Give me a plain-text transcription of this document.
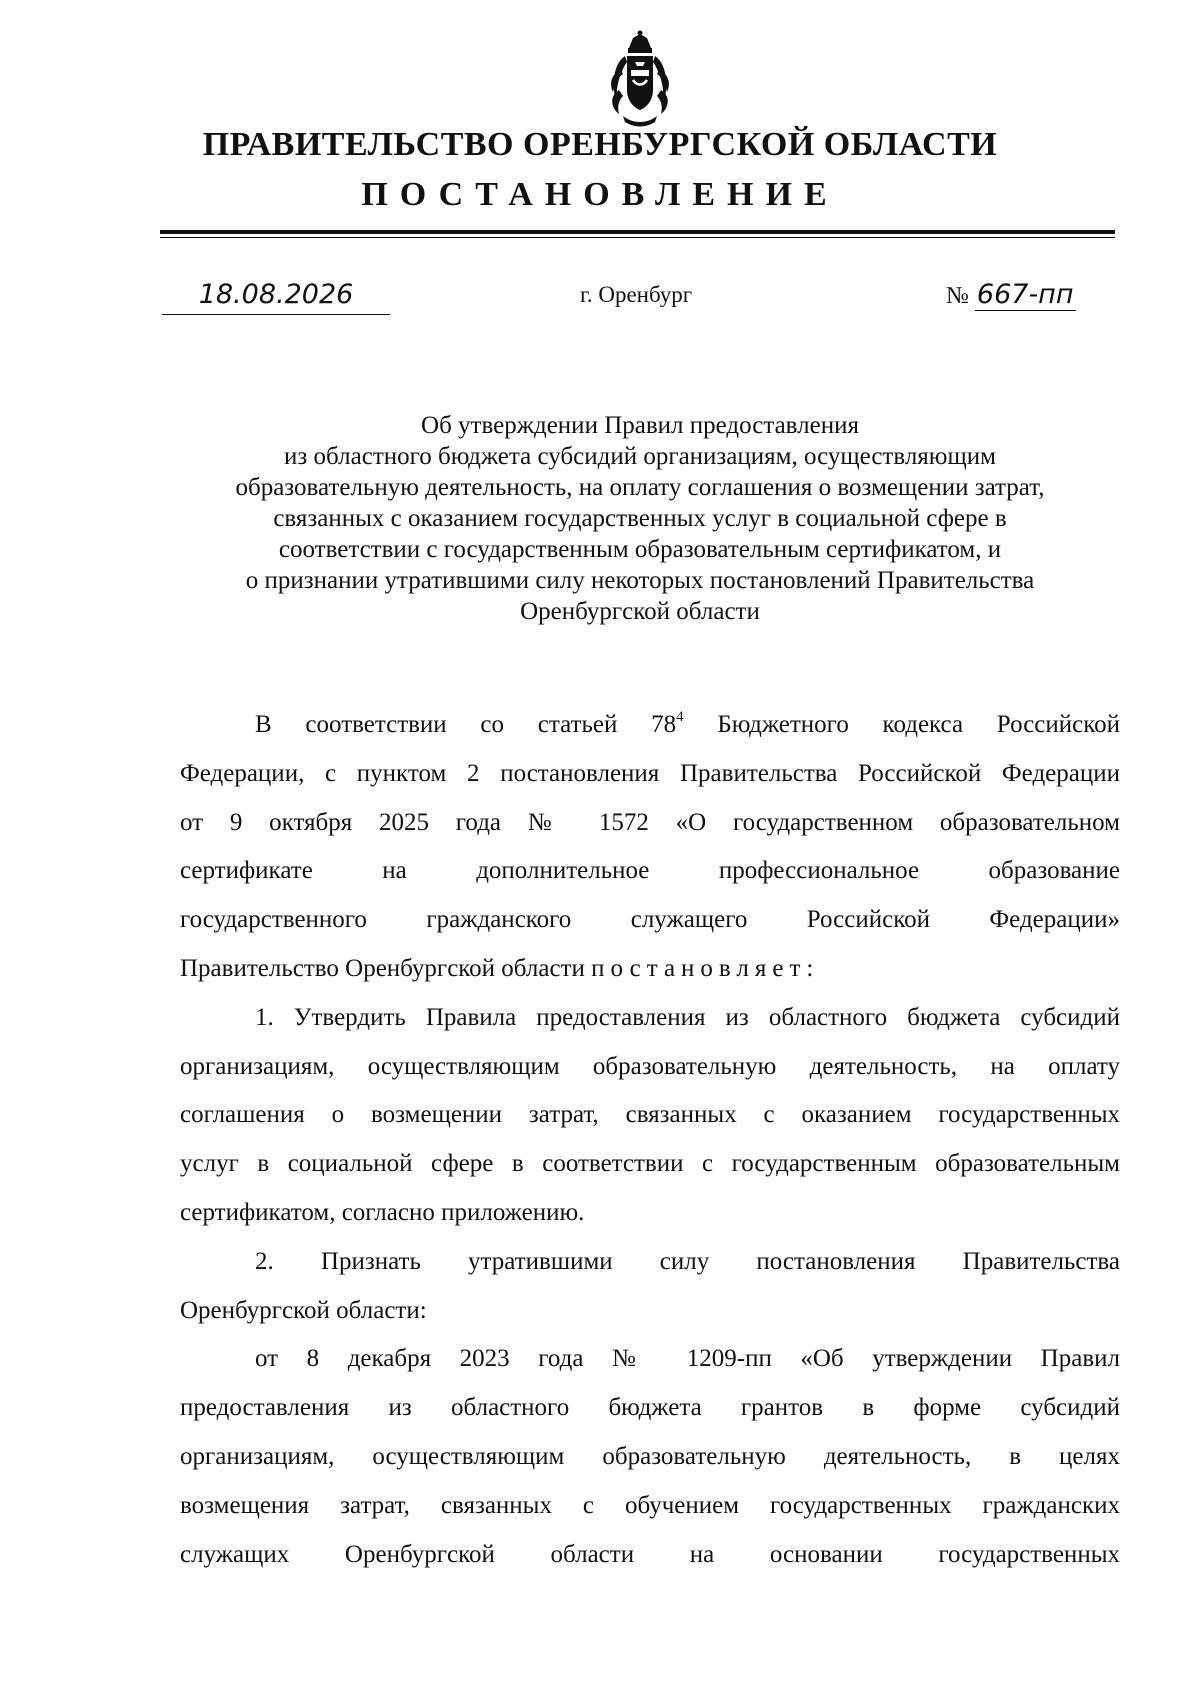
ПРАВИТЕЛЬСТВО ОРЕНБУРГСКОЙ ОБЛАСТИ
ПОСТАНОВЛЕНИЕ
18.08.2026	г. Оренбург	№ 667-пп
Об утверждении Правил предоставления
из областного бюджета субсидий организациям, осуществляющим
образовательную деятельность, на оплату соглашения о возмещении затрат,
связанных с оказанием государственных услуг в социальной сфере в
соответствии с государственным образовательным сертификатом, и
о признании утратившими силу некоторых постановлений Правительства
Оренбургской области
В соответствии со статьей $78^4$ Бюджетного кодекса Российской
Федерации, с пунктом 2 постановления Правительства Российской Федерации
от 9 октября 2025 года № 1572 «О государственном образовательном
сертификате на дополнительное профессиональное образование
государственного гражданского служащего Российской Федерации»
Правительство Оренбургской области постановляет:
1. Утвердить Правила предоставления из областного бюджета субсидий
организациям, осуществляющим образовательную деятельность, на оплату
соглашения о возмещении затрат, связанных с оказанием государственных
услуг в социальной сфере в соответствии с государственным образовательным
сертификатом, согласно приложению.
2. Признать утратившими силу постановления Правительства
Оренбургской области:
от 8 декабря 2023 года № 1209-пп «Об утверждении Правил
предоставления из областного бюджета грантов в форме субсидий
организациям, осуществляющим образовательную деятельность, в целях
возмещения затрат, связанных с обучением государственных гражданских
служащих Оренбургской области на основании государственных
